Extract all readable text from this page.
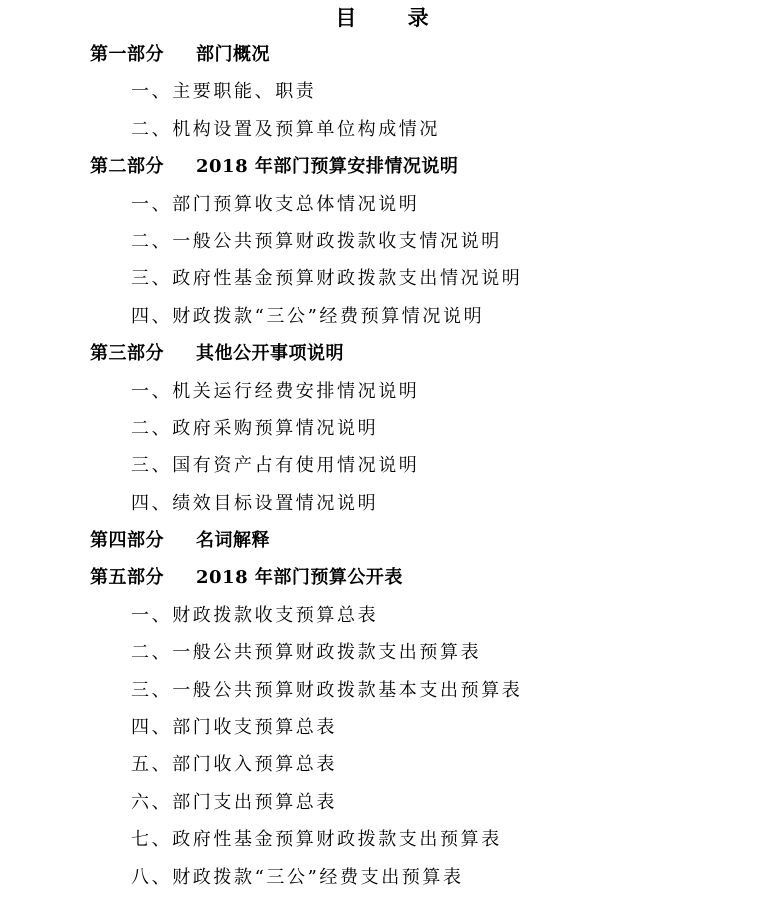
目 录
第一部分 部门概况
一、主要职能、职责
二、机构设置及预算单位构成情况
第二部分 2018 年部门预算安排情况说明
一、部门预算收支总体情况说明
二、一般公共预算财政拨款收支情况说明
三、政府性基金预算财政拨款支出情况说明
四、财政拨款“三公”经费预算情况说明
第三部分 其他公开事项说明
一、机关运行经费安排情况说明
二、政府采购预算情况说明
三、国有资产占有使用情况说明
四、绩效目标设置情况说明
第四部分 名词解释
第五部分 2018 年部门预算公开表
一、财政拨款收支预算总表
二、一般公共预算财政拨款支出预算表
三、一般公共预算财政拨款基本支出预算表
四、部门收支预算总表
五、部门收入预算总表
六、部门支出预算总表
七、政府性基金预算财政拨款支出预算表
八、财政拨款“三公”经费支出预算表
